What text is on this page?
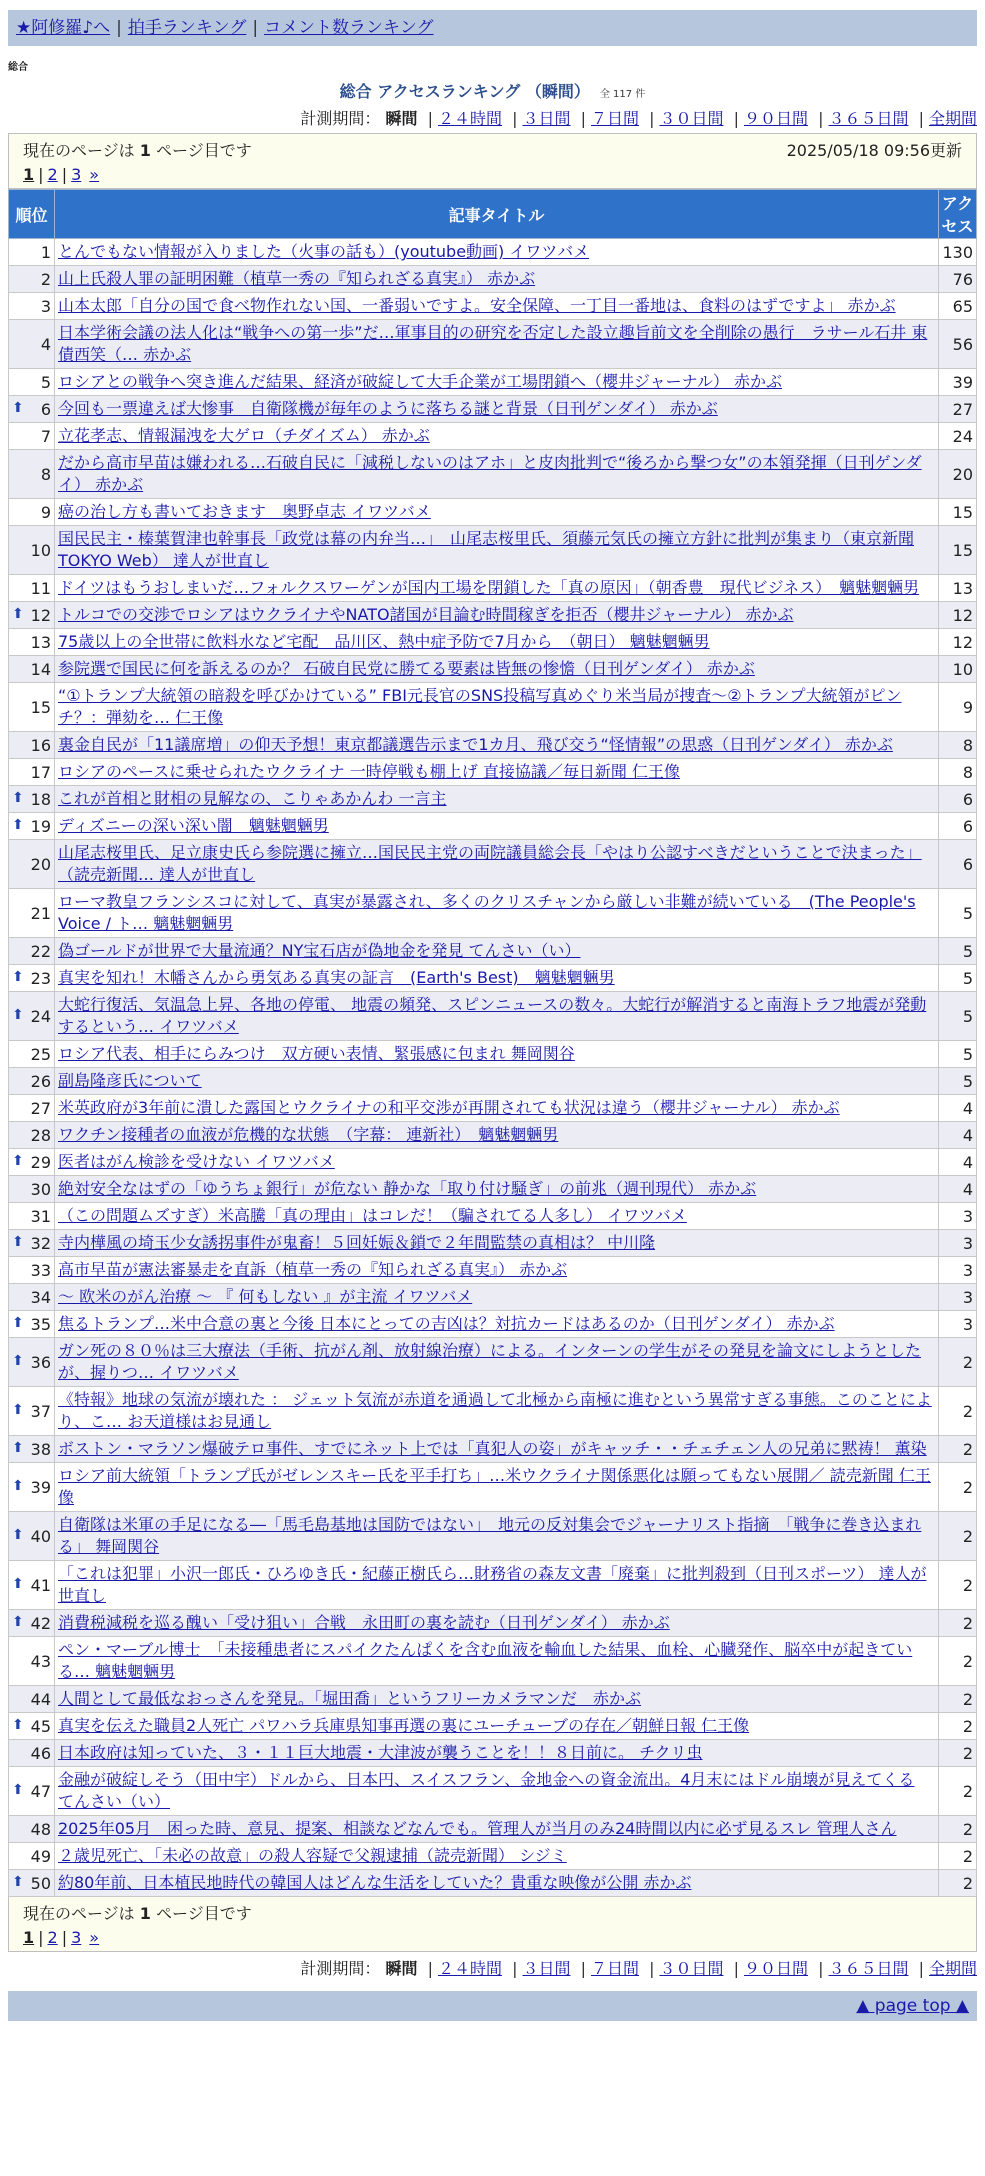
★阿修羅♪へ | 拍手ランキング | コメント数ランキング
総合
総合 アクセスランキング （瞬間） 全 117 件
計測期間： 瞬間 | ２４時間 | ３日間 | ７日間 | ３０日間 | ９０日間 | ３６５日間 | 全期間
現在のページは 1 ページ目です	2025/05/18 09:56更新
1 | 2 | 3 »
順位	記事タイトル	アクセス
1	とんでもない情報が入りました（火事の話も）(youtube動画) イワツバメ	130
2	山上氏殺人罪の証明困難（植草一秀の『知られざる真実』） 赤かぶ	76
3	山本太郎「自分の国で食べ物作れない国、一番弱いですよ。安全保障、一丁目一番地は、食料のはずですよ」 赤かぶ	65
4	日本学術会議の法人化は“戦争への第一歩”だ…軍事目的の研究を否定した設立趣旨前文を全削除の愚行　ラサール石井 東債西笑（… 赤かぶ	56
5	ロシアとの戦争へ突き進んだ結果、経済が破綻して大手企業が工場閉鎖へ（櫻井ジャーナル） 赤かぶ	39

⬆ 6	今回も一票違えば大惨事　自衛隊機が毎年のように落ちる謎と背景（日刊ゲンダイ） 赤かぶ	27
7	立花孝志、情報漏洩を大ゲロ（チダイズム） 赤かぶ	24
8	だから高市早苗は嫌われる…石破自民に「減税しないのはアホ」と皮肉批判で“後ろから撃つ女”の本領発揮（日刊ゲンダイ） 赤かぶ	20
9	癌の治し方も書いておきます　奥野卓志 イワツバメ	15
10	国民民主・榛葉賀津也幹事長「政党は幕の内弁当…」　山尾志桜里氏、須藤元気氏の擁立方針に批判が集まり（東京新聞TOKYO Web） 達人が世直し	15
11	ドイツはもうおしまいだ…フォルクスワーゲンが国内工場を閉鎖した「真の原因」（朝香豊　現代ビジネス）　魑魅魍魎男	13

⬆ 12	トルコでの交渉でロシアはウクライナやNATO諸国が目論む時間稼ぎを拒否（櫻井ジャーナル） 赤かぶ	12
13	75歳以上の全世帯に飲料水など宅配　品川区、熱中症予防で7月から　（朝日） 魑魅魍魎男	12
14	参院選で国民に何を訴えるのか？ 石破自民党に勝てる要素は皆無の惨憺（日刊ゲンダイ） 赤かぶ	10
15	“①トランプ大統領の暗殺を呼びかけている” FBI元長官のSNS投稿写真めぐり米当局が捜査～②トランプ大統領がピンチ？：弾劾を… 仁王像	9
16	裏金自民が「11議席増」の仰天予想！東京都議選告示まで1カ月、飛び交う“怪情報”の思惑（日刊ゲンダイ） 赤かぶ	8
17	ロシアのペースに乗せられたウクライナ 一時停戦も棚上げ 直接協議／毎日新聞 仁王像	8

⬆ 18	これが首相と財相の見解なの、こりゃあかんわ 一言主	6

⬆ 19	ディズニーの深い深い闇　魑魅魍魎男	6
20	山尾志桜里氏、足立康史氏ら参院選に擁立…国民民主党の両院議員総会長「やはり公認すべきだということで決まった」（読売新聞… 達人が世直し	6
21	ローマ教皇フランシスコに対して、真実が暴露され、多くのクリスチャンから厳しい非難が続いている　(The People's Voice / ト… 魑魅魍魎男	5
22	偽ゴールドが世界で大量流通？NY宝石店が偽地金を発見 てんさい（い）	5

⬆ 23	真実を知れ！木幡さんから勇気ある真実の証言　(Earth's Best)　魑魅魍魎男	5

⬆ 24	大蛇行復活、気温急上昇、各地の停電、 地震の頻発、スピンニュースの数々。大蛇行が解消すると南海トラフ地震が発動するという… イワツバメ	5
25	ロシア代表、相手にらみつけ　双方硬い表情、緊張感に包まれ 舞岡関谷	5
26	副島隆彦氏について	5
27	米英政府が3年前に潰した露国とウクライナの和平交渉が再開されても状況は違う（櫻井ジャーナル） 赤かぶ	4
28	ワクチン接種者の血液が危機的な状態　（字幕： 連新社）　魑魅魍魎男	4

⬆ 29	医者はがん検診を受けない イワツバメ	4
30	絶対安全なはずの「ゆうちょ銀行」が危ない 静かな「取り付け騒ぎ」の前兆（週刊現代） 赤かぶ	4
31	（この問題ムズすぎ）米高騰「真の理由」はコレだ！（騙されてる人多し） イワツバメ	3

⬆ 32	寺内樺風の埼玉少女誘拐事件が鬼畜！５回妊娠＆鎖で２年間監禁の真相は？ 中川隆	3
33	高市早苗が憲法審暴走を直訴（植草一秀の『知られざる真実』） 赤かぶ	3
34	～ 欧米のがん治療 ～ 『 何もしない 』が主流 イワツバメ	3

⬆ 35	焦るトランプ…米中合意の裏と今後 日本にとっての吉凶は？対抗カードはあるのか（日刊ゲンダイ） 赤かぶ	3

⬆ 36	ガン死の８０％は三大療法（手術、抗がん剤、放射線治療）による。インターンの学生がその発見を論文にしようとしたが、握りつ… イワツバメ	2

⬆ 37	《特報》地球の気流が壊れた ： ジェット気流が赤道を通過して北極から南極に進むという異常すぎる事態。このことにより、こ… お天道様はお見通し	2

⬆ 38	ボストン・マラソン爆破テロ事件、すでにネット上では「真犯人の姿」がキャッチ・・チェチェン人の兄弟に黙祷！ 薫染	2

⬆ 39	ロシア前大統領「トランプ氏がゼレンスキー氏を平手打ち」…米ウクライナ関係悪化は願ってもない展開／ 読売新聞 仁王像	2

⬆ 40	自衛隊は米軍の手足になる―「馬毛島基地は国防ではない」　地元の反対集会でジャーナリスト指摘　「戦争に巻き込まれる」 舞岡関谷	2

⬆ 41	「これは犯罪」小沢一郎氏・ひろゆき氏・紀藤正樹氏ら…財務省の森友文書「廃棄」に批判殺到（日刊スポーツ） 達人が世直し	2

⬆ 42	消費税減税を巡る醜い「受け狙い」合戦　永田町の裏を読む（日刊ゲンダイ） 赤かぶ	2
43	ペン・マーブル博士　「未接種患者にスパイクたんぱくを含む血液を輸血した結果、血栓、心臓発作、脳卒中が起きている… 魑魅魍魎男	2
44	人間として最低なおっさんを発見。「堀田喬」というフリーカメラマンだ　赤かぶ	2

⬆ 45	真実を伝えた職員2人死亡 パワハラ兵庫県知事再選の裏にユーチューブの存在／朝鮮日報 仁王像	2
46	日本政府は知っていた、３・１１巨大地震・大津波が襲うことを！！８日前に。 チクリ虫	2

⬆ 47	金融が破綻しそう（田中宇）ドルから、日本円、スイスフラン、金地金への資金流出。4月末にはドル崩壊が見えてくる てんさい（い）	2
48	2025年05月　困った時、意見、提案、相談などなんでも。管理人が当月のみ24時間以内に必ず見るスレ 管理人さん	2
49	２歳児死亡、「未必の故意」の殺人容疑で父親逮捕（読売新聞） シジミ	2

⬆ 50	約80年前、日本植民地時代の韓国人はどんな生活をしていた？貴重な映像が公開 赤かぶ	2
現在のページは 1 ページ目です
1 | 2 | 3 »
計測期間： 瞬間 | ２４時間 | ３日間 | ７日間 | ３０日間 | ９０日間 | ３６５日間 | 全期間
▲ page top ▲
